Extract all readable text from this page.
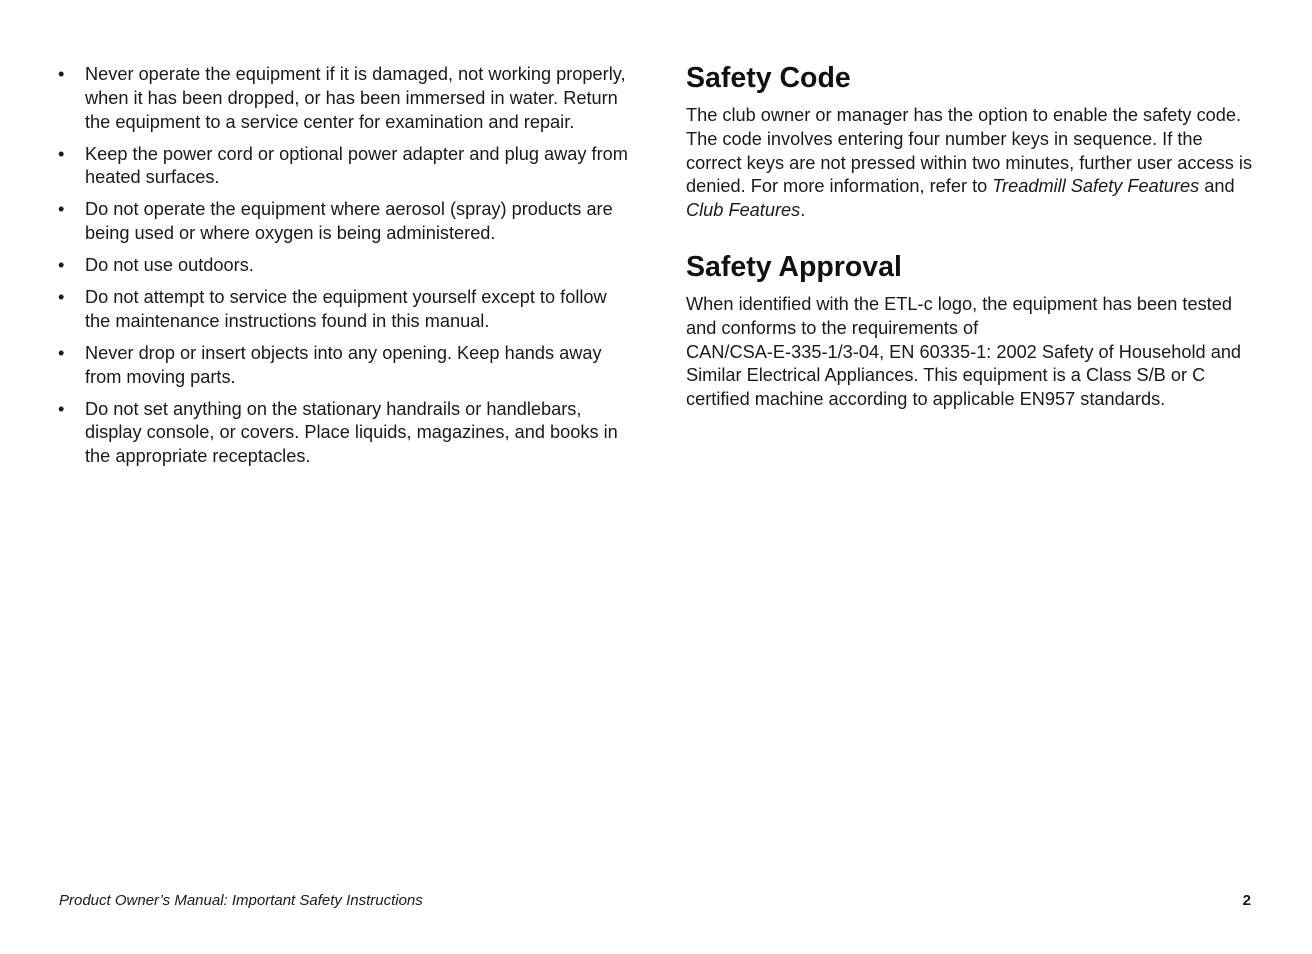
•	Never operate the equipment if it is damaged, not working properly, when it has been dropped, or has been immersed in water. Return the equipment to a service center for examination and repair.
•	Keep the power cord or optional power adapter and plug away from heated surfaces.
•	Do not operate the equipment where aerosol (spray) products are being used or where oxygen is being administered.
•	Do not use outdoors.
•	Do not attempt to service the equipment yourself except to follow the maintenance instructions found in this manual.
•	Never drop or insert objects into any opening. Keep hands away from moving parts.
•	Do not set anything on the stationary handrails or handlebars, display console, or covers. Place liquids, magazines, and books in the appropriate receptacles.
Safety Code

The club owner or manager has the option to enable the safety code. The code involves entering four number keys in sequence. If the correct keys are not pressed within two minutes, further user access is denied. For more information, refer to Treadmill Safety Features and Club Features.

Safety Approval

When identified with the ETL-c logo, the equipment has been tested and conforms to the requirements of
CAN/CSA-E-335-1/3-04, EN 60335-1: 2002 Safety of Household and Similar Electrical Appliances. This equipment is a Class S/B or C certified machine according to applicable EN957 standards.

Product Owner’s Manual: Important Safety Instructions	2
